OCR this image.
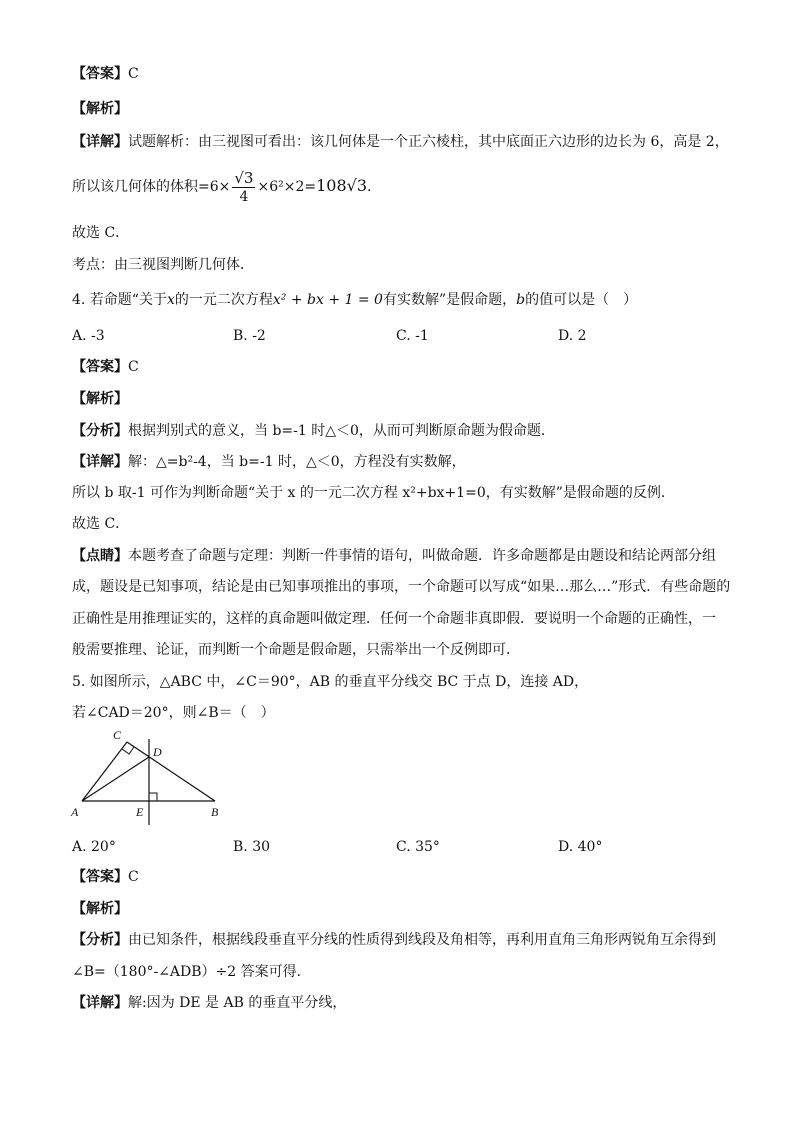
【答案】C
【解析】
【详解】试题解析：由三视图可看出：该几何体是一个正六棱柱，其中底面正六边形的边长为 6，高是 2，
所以该几何体的体积$=6\times \frac{√3}{4} \times 6^2\times 2=108√3$.
故选 C．
考点：由三视图判断几何体．
4. 若命题“关于x的一元二次方程x² + bx + 1 = 0有实数解”是假命题，b的值可以是（　）
A. -3	B. -2	C. -1	D. 2
【答案】C
【解析】
【分析】根据判别式的意义，当 b=-1 时△＜0，从而可判断原命题为假命题．
【详解】解：△=b²-4，当 b=-1 时，△＜0，方程没有实数解，
所以 b 取-1 可作为判断命题“关于 x 的一元二次方程 x²+bx+1=0，有实数解”是假命题的反例．
故选 C．
【点睛】本题考查了命题与定理：判断一件事情的语句，叫做命题．许多命题都是由题设和结论两部分组
成，题设是已知事项，结论是由已知事项推出的事项，一个命题可以写成“如果…那么…”形式．有些命题的
正确性是用推理证实的，这样的真命题叫做定理．任何一个命题非真即假．要说明一个命题的正确性，一
般需要推理、论证，而判断一个命题是假命题，只需举出一个反例即可．
5. 如图所示，△ABC 中，∠C＝90°，AB 的垂直平分线交 BC 于点 D，连接 AD，
若∠CAD＝20°，则∠B＝（　）
C
D
A	E	B
A. 20°	B. 30	C. 35°	D. 40°
【答案】C
【解析】
【分析】由已知条件，根据线段垂直平分线的性质得到线段及角相等，再利用直角三角形两锐角互余得到
∠B=（180°-∠ADB）÷2 答案可得．
【详解】解:因为 DE 是 AB 的垂直平分线，
